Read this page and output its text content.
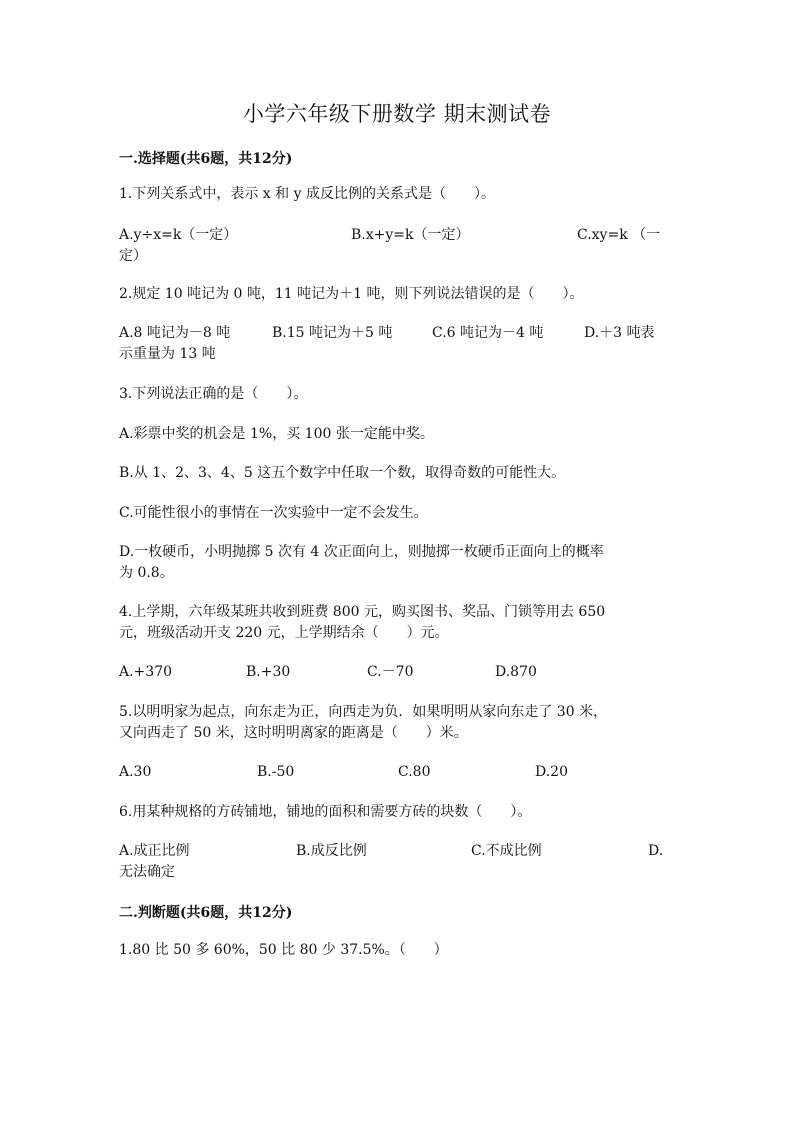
小学六年级下册数学 期末测试卷
一.选择题(共6题，共12分)
1.下列关系式中，表示 x 和 y 成反比例的关系式是（　　）。
A.y÷x=k（一定）	B.x+y=k（一定）	C.xy=k （一
定）
2.规定 10 吨记为 0 吨，11 吨记为＋1 吨，则下列说法错误的是（　　）。
A.8 吨记为－8 吨	B.15 吨记为＋5 吨	C.6 吨记为－4 吨	D.＋3 吨表
示重量为 13 吨
3.下列说法正确的是（　　）。
A.彩票中奖的机会是 1%，买 100 张一定能中奖。
B.从 1、2、3、4、5 这五个数字中任取一个数，取得奇数的可能性大。
C.可能性很小的事情在一次实验中一定不会发生。
D.一枚硬币，小明抛掷 5 次有 4 次正面向上，则抛掷一枚硬币正面向上的概率
为 0.8。
4.上学期，六年级某班共收到班费 800 元，购买图书、奖品、门锁等用去 650
元，班级活动开支 220 元，上学期结余（　　）元。
A.+370	B.+30	C.－70	D.870
5.以明明家为起点，向东走为正，向西走为负．如果明明从家向东走了 30 米，
又向西走了 50 米，这时明明离家的距离是（　　）米。
A.30	B.-50	C.80	D.20
6.用某种规格的方砖铺地，铺地的面积和需要方砖的块数（　　）。
A.成正比例	B.成反比例	C.不成比例	D.
无法确定
二.判断题(共6题，共12分)
1.80 比 50 多 60%，50 比 80 少 37.5%。（　　）
